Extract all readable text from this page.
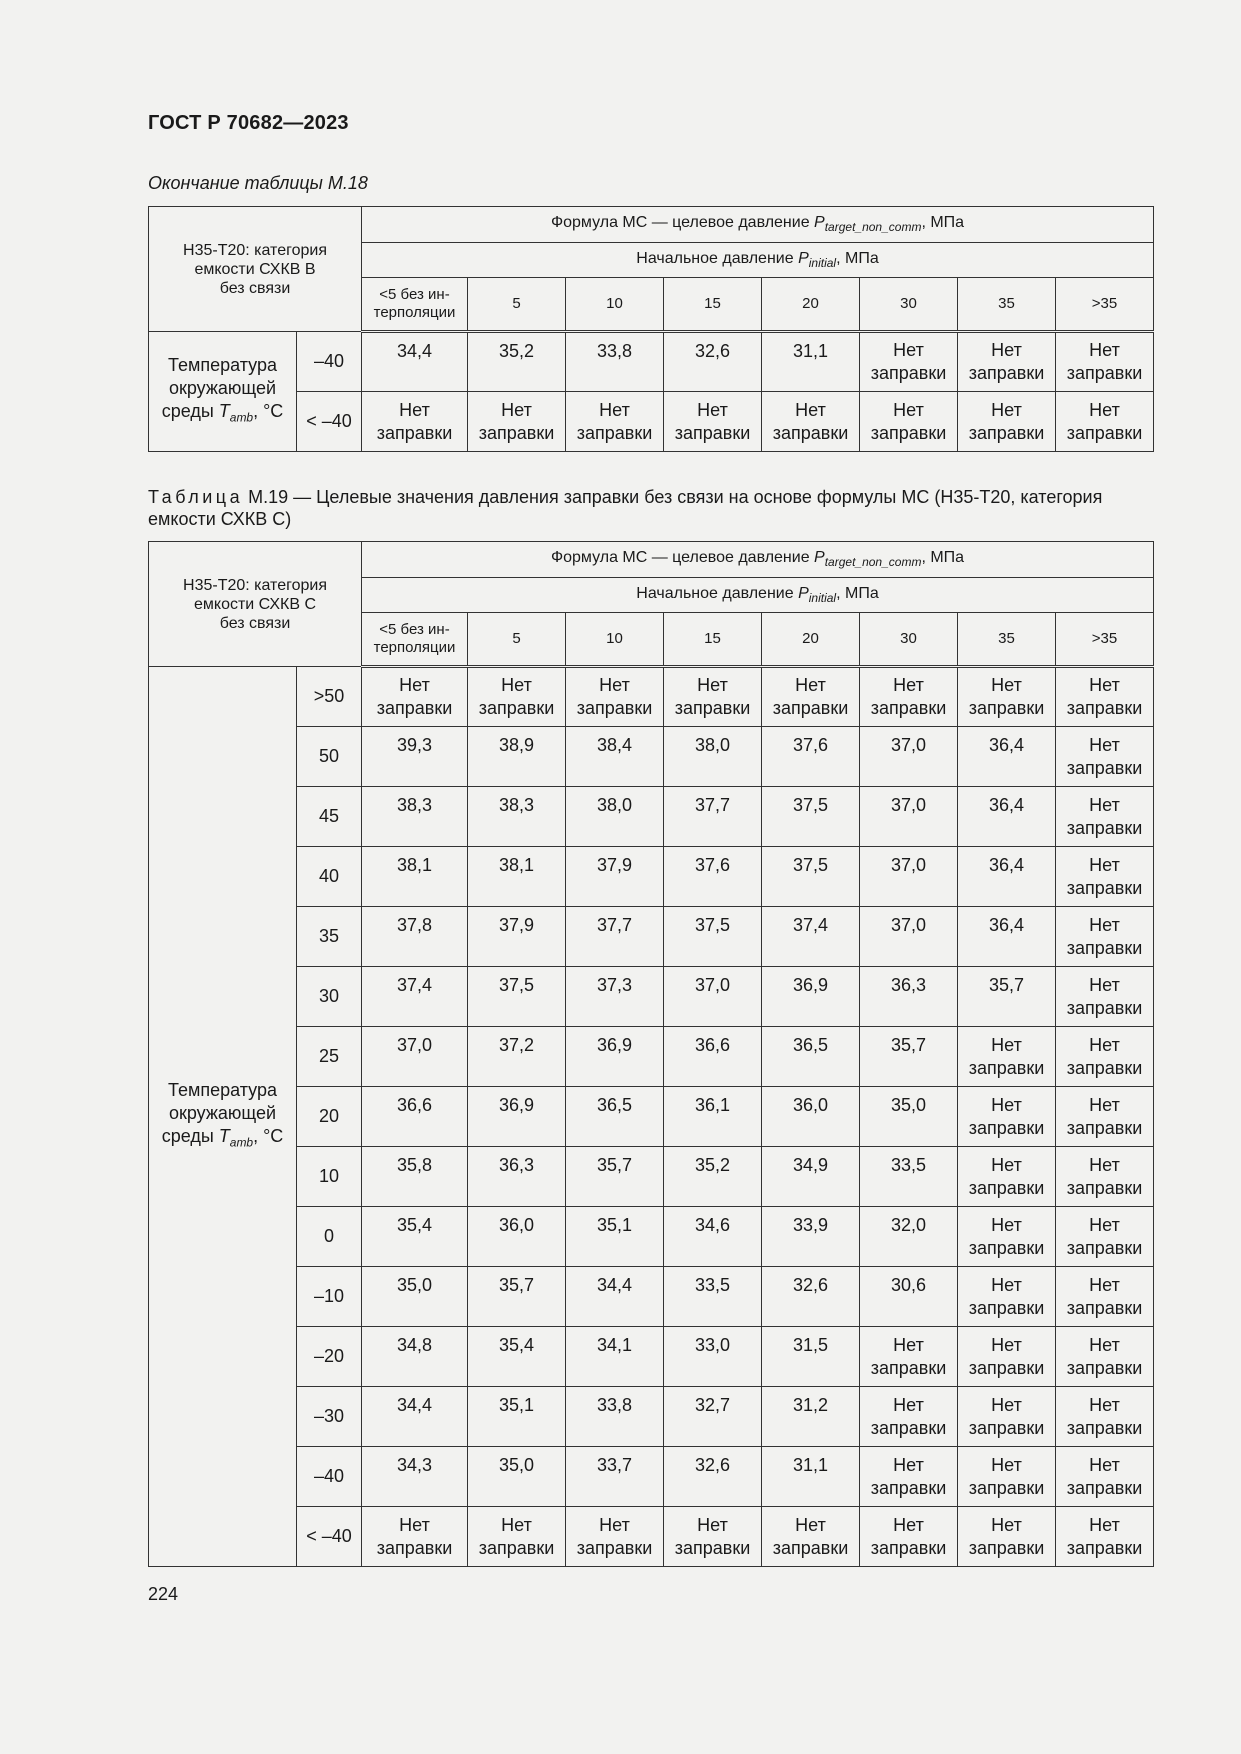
ГОСТ Р 70682—2023
Окончание таблицы М.18
Н35-Т20: категория
емкости СХКВ В
без связи		Формула МС — целевое давление $P_{target\_non\_comm}$, МПа							
		Начальное давление $P_{initial}$, МПа							
		<5 без ин-
терполяции	5	10	15	20	30	35	>35
Температура
окружающей
среды $T_{amb}$, °С	–40	34,4	35,2	33,8	32,6	31,1	Нет заправки	Нет заправки	Нет заправки
	< –40	Нет заправки	Нет заправки	Нет заправки	Нет заправки	Нет заправки	Нет заправки	Нет заправки	Нет заправки
Таблица М.19 — Целевые значения давления заправки без связи на основе формулы МС (Н35-Т20, категория емкости СХКВ С)
Н35-Т20: категория
емкости СХКВ С
без связи		Формула МС — целевое давление $P_{target\_non\_comm}$, МПа							
		Начальное давление $P_{initial}$, МПа							
		<5 без ин-
терполяции	5	10	15	20	30	35	>35
Температура
окружающей
среды $T_{amb}$, °С	>50	Нет заправки	Нет заправки	Нет заправки	Нет заправки	Нет заправки	Нет заправки	Нет заправки	Нет заправки
	50	39,3	38,9	38,4	38,0	37,6	37,0	36,4	Нет заправки
	45	38,3	38,3	38,0	37,7	37,5	37,0	36,4	Нет заправки
	40	38,1	38,1	37,9	37,6	37,5	37,0	36,4	Нет заправки
	35	37,8	37,9	37,7	37,5	37,4	37,0	36,4	Нет заправки
	30	37,4	37,5	37,3	37,0	36,9	36,3	35,7	Нет заправки
	25	37,0	37,2	36,9	36,6	36,5	35,7	Нет заправки	Нет заправки
	20	36,6	36,9	36,5	36,1	36,0	35,0	Нет заправки	Нет заправки
	10	35,8	36,3	35,7	35,2	34,9	33,5	Нет заправки	Нет заправки
	0	35,4	36,0	35,1	34,6	33,9	32,0	Нет заправки	Нет заправки
	–10	35,0	35,7	34,4	33,5	32,6	30,6	Нет заправки	Нет заправки
	–20	34,8	35,4	34,1	33,0	31,5	Нет заправки	Нет заправки	Нет заправки
	–30	34,4	35,1	33,8	32,7	31,2	Нет заправки	Нет заправки	Нет заправки
	–40	34,3	35,0	33,7	32,6	31,1	Нет заправки	Нет заправки	Нет заправки
	< –40	Нет заправки	Нет заправки	Нет заправки	Нет заправки	Нет заправки	Нет заправки	Нет заправки	Нет заправки
224
